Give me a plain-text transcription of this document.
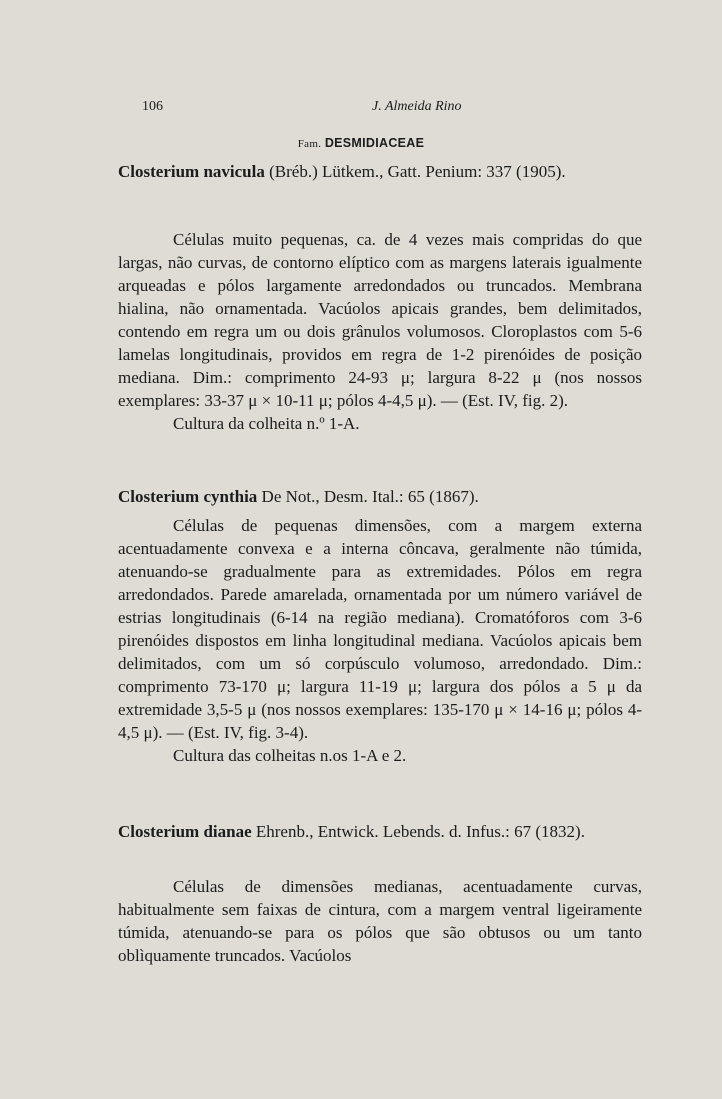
106	J. Almeida Rino
Fam. DESMIDIACEAE

Closterium navicula (Bréb.) Lütkem., Gatt. Penium: 337 (1905).

Células muito pequenas, ca. de 4 vezes mais compridas do que largas, não curvas, de contorno elíptico com as margens laterais igualmente arqueadas e pólos largamente arredondados ou truncados. Membrana hialina, não ornamentada. Vacúolos apicais grandes, bem delimitados, contendo em regra um ou dois grânulos volumosos. Cloroplastos com 5-6 lamelas longitudinais, providos em regra de 1-2 pirenóides de posição mediana. Dim.: comprimento 24-93 μ; largura 8-22 μ (nos nossos exemplares: 33-37 μ × 10-11 μ; pólos 4-4,5 μ). — (Est. IV, fig. 2).

Cultura da colheita n.º 1-A.

Closterium cynthia De Not., Desm. Ital.: 65 (1867).

Células de pequenas dimensões, com a margem externa acentuadamente convexa e a interna côncava, geralmente não túmida, atenuando-se gradualmente para as extremidades. Pólos em regra arredondados. Parede amarelada, ornamentada por um número variável de estrias longitudinais (6-14 na região mediana). Cromatóforos com 3-6 pirenóides dispostos em linha longitudinal mediana. Vacúolos apicais bem delimitados, com um só corpúsculo volumoso, arredondado. Dim.: comprimento 73-170 μ; largura 11-19 μ; largura dos pólos a 5 μ da extremidade 3,5-5 μ (nos nossos exemplares: 135-170 μ × 14-16 μ; pólos 4-4,5 μ). — (Est. IV, fig. 3-4).

Cultura das colheitas n.os 1-A e 2.

Closterium dianae Ehrenb., Entwick. Lebends. d. Infus.: 67 (1832).

Células de dimensões medianas, acentuadamente curvas, habitualmente sem faixas de cintura, com a margem ventral ligeiramente túmida, atenuando-se para os pólos que são obtusos ou um tanto oblìquamente truncados. Vacúolos
